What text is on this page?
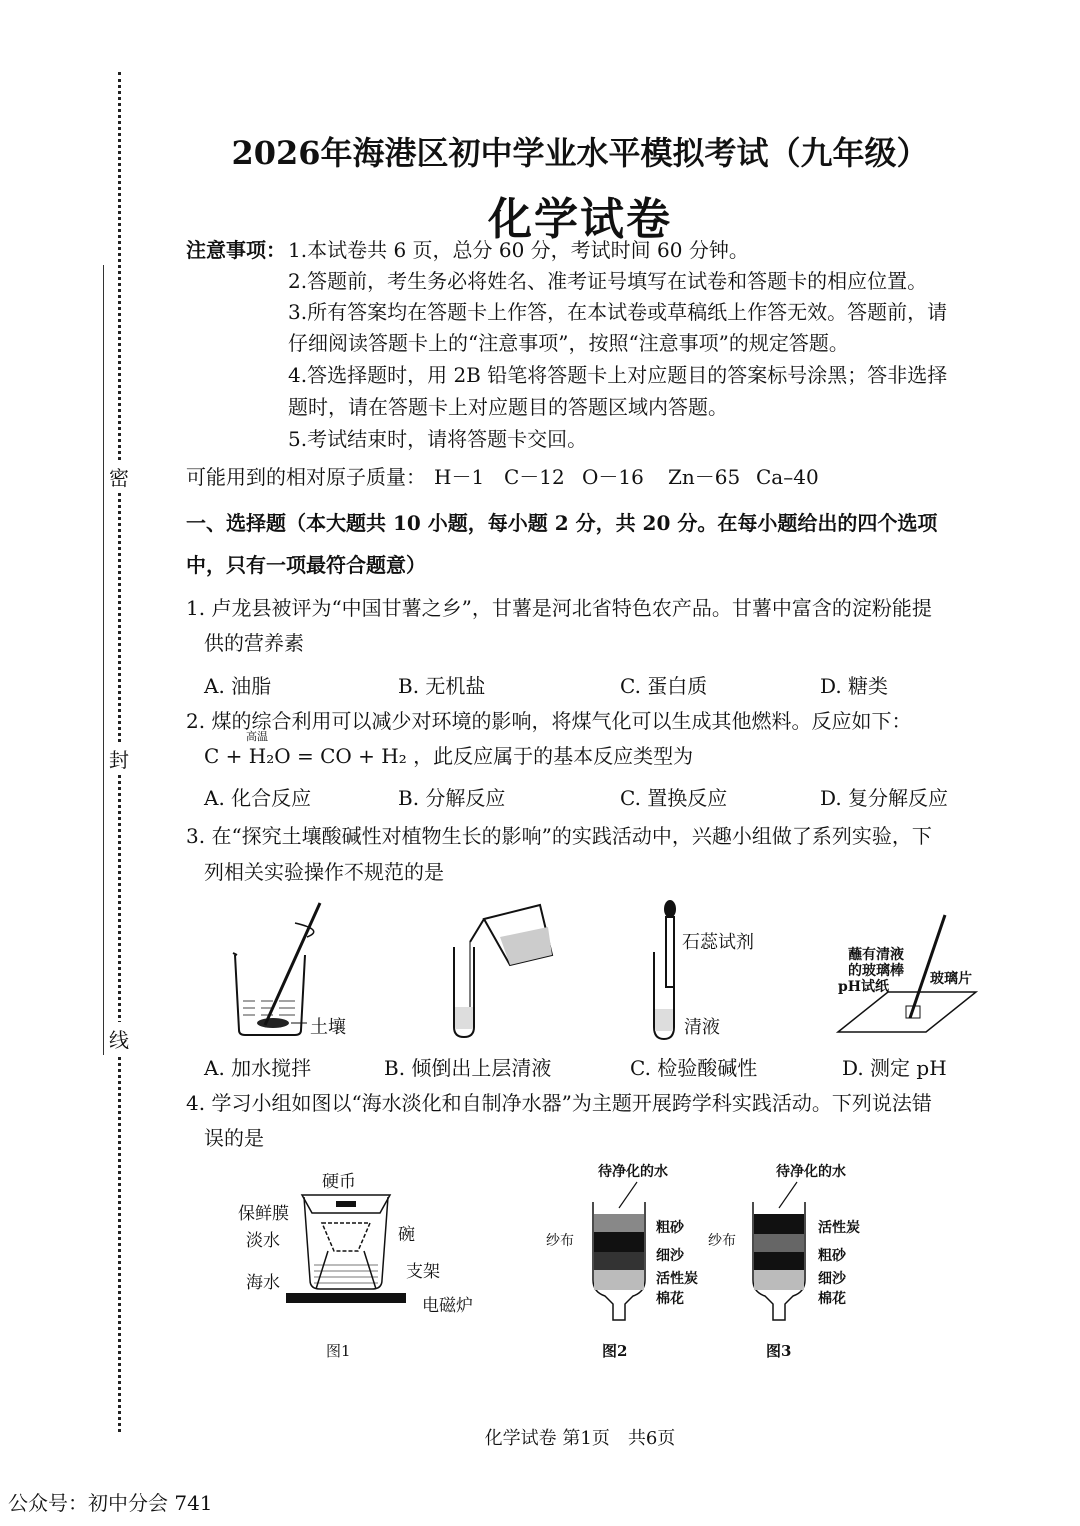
密
封
线
2026年海港区初中学业水平模拟考试（九年级）
化学试卷
注意事项： 1.本试卷共 6 页，总分 60 分，考试时间 60 分钟。
2.答题前，考生务必将姓名、准考证号填写在试卷和答题卡的相应位置。
3.所有答案均在答题卡上作答，在本试卷或草稿纸上作答无效。答题前，请
仔细阅读答题卡上的“注意事项”，按照“注意事项”的规定答题。
4.答选择题时，用 2B 铅笔将答题卡上对应题目的答案标号涂黑；答非选择
题时，请在答题卡上对应题目的答题区域内答题。
5.考试结束时，请将答题卡交回。
可能用到的相对原子质量： H－1 C－12 O－16 Zn－65 Ca–40
一、选择题（本大题共 10 小题，每小题 2 分，共 20 分。在每小题给出的四个选项
中，只有一项最符合题意）
1. 卢龙县被评为“中国甘薯之乡”，甘薯是河北省特色农产品。甘薯中富含的淀粉能提
供的营养素
A. 油脂	B. 无机盐	C. 蛋白质	D. 糖类
2. 煤的综合利用可以减少对环境的影响，将煤气化可以生成其他燃料。反应如下：
高温
C + H₂O = CO + H₂ ，此反应属于的基本反应类型为
A. 化合反应	B. 分解反应	C. 置换反应	D. 复分解反应
3. 在“探究土壤酸碱性对植物生长的影响”的实践活动中，兴趣小组做了系列实验，下
列相关实验操作不规范的是
土壤
石蕊试剂
清液
蘸有清液
的玻璃棒
pH试纸	玻璃片
A. 加水搅拌	B. 倾倒出上层清液	C. 检验酸碱性	D. 测定 pH
4. 学习小组如图以“海水淡化和自制净水器”为主题开展跨学科实践活动。下列说法错
误的是
硬币
保鲜膜
淡水	碗
支架
海水
电磁炉
图1
待净化的水
纱布
粗砂
细沙
活性炭
棉花
图2
待净化的水
纱布
活性炭
粗砂
细沙
棉花
图3
化学试卷 第1页　共6页
公众号：初中分会 741
